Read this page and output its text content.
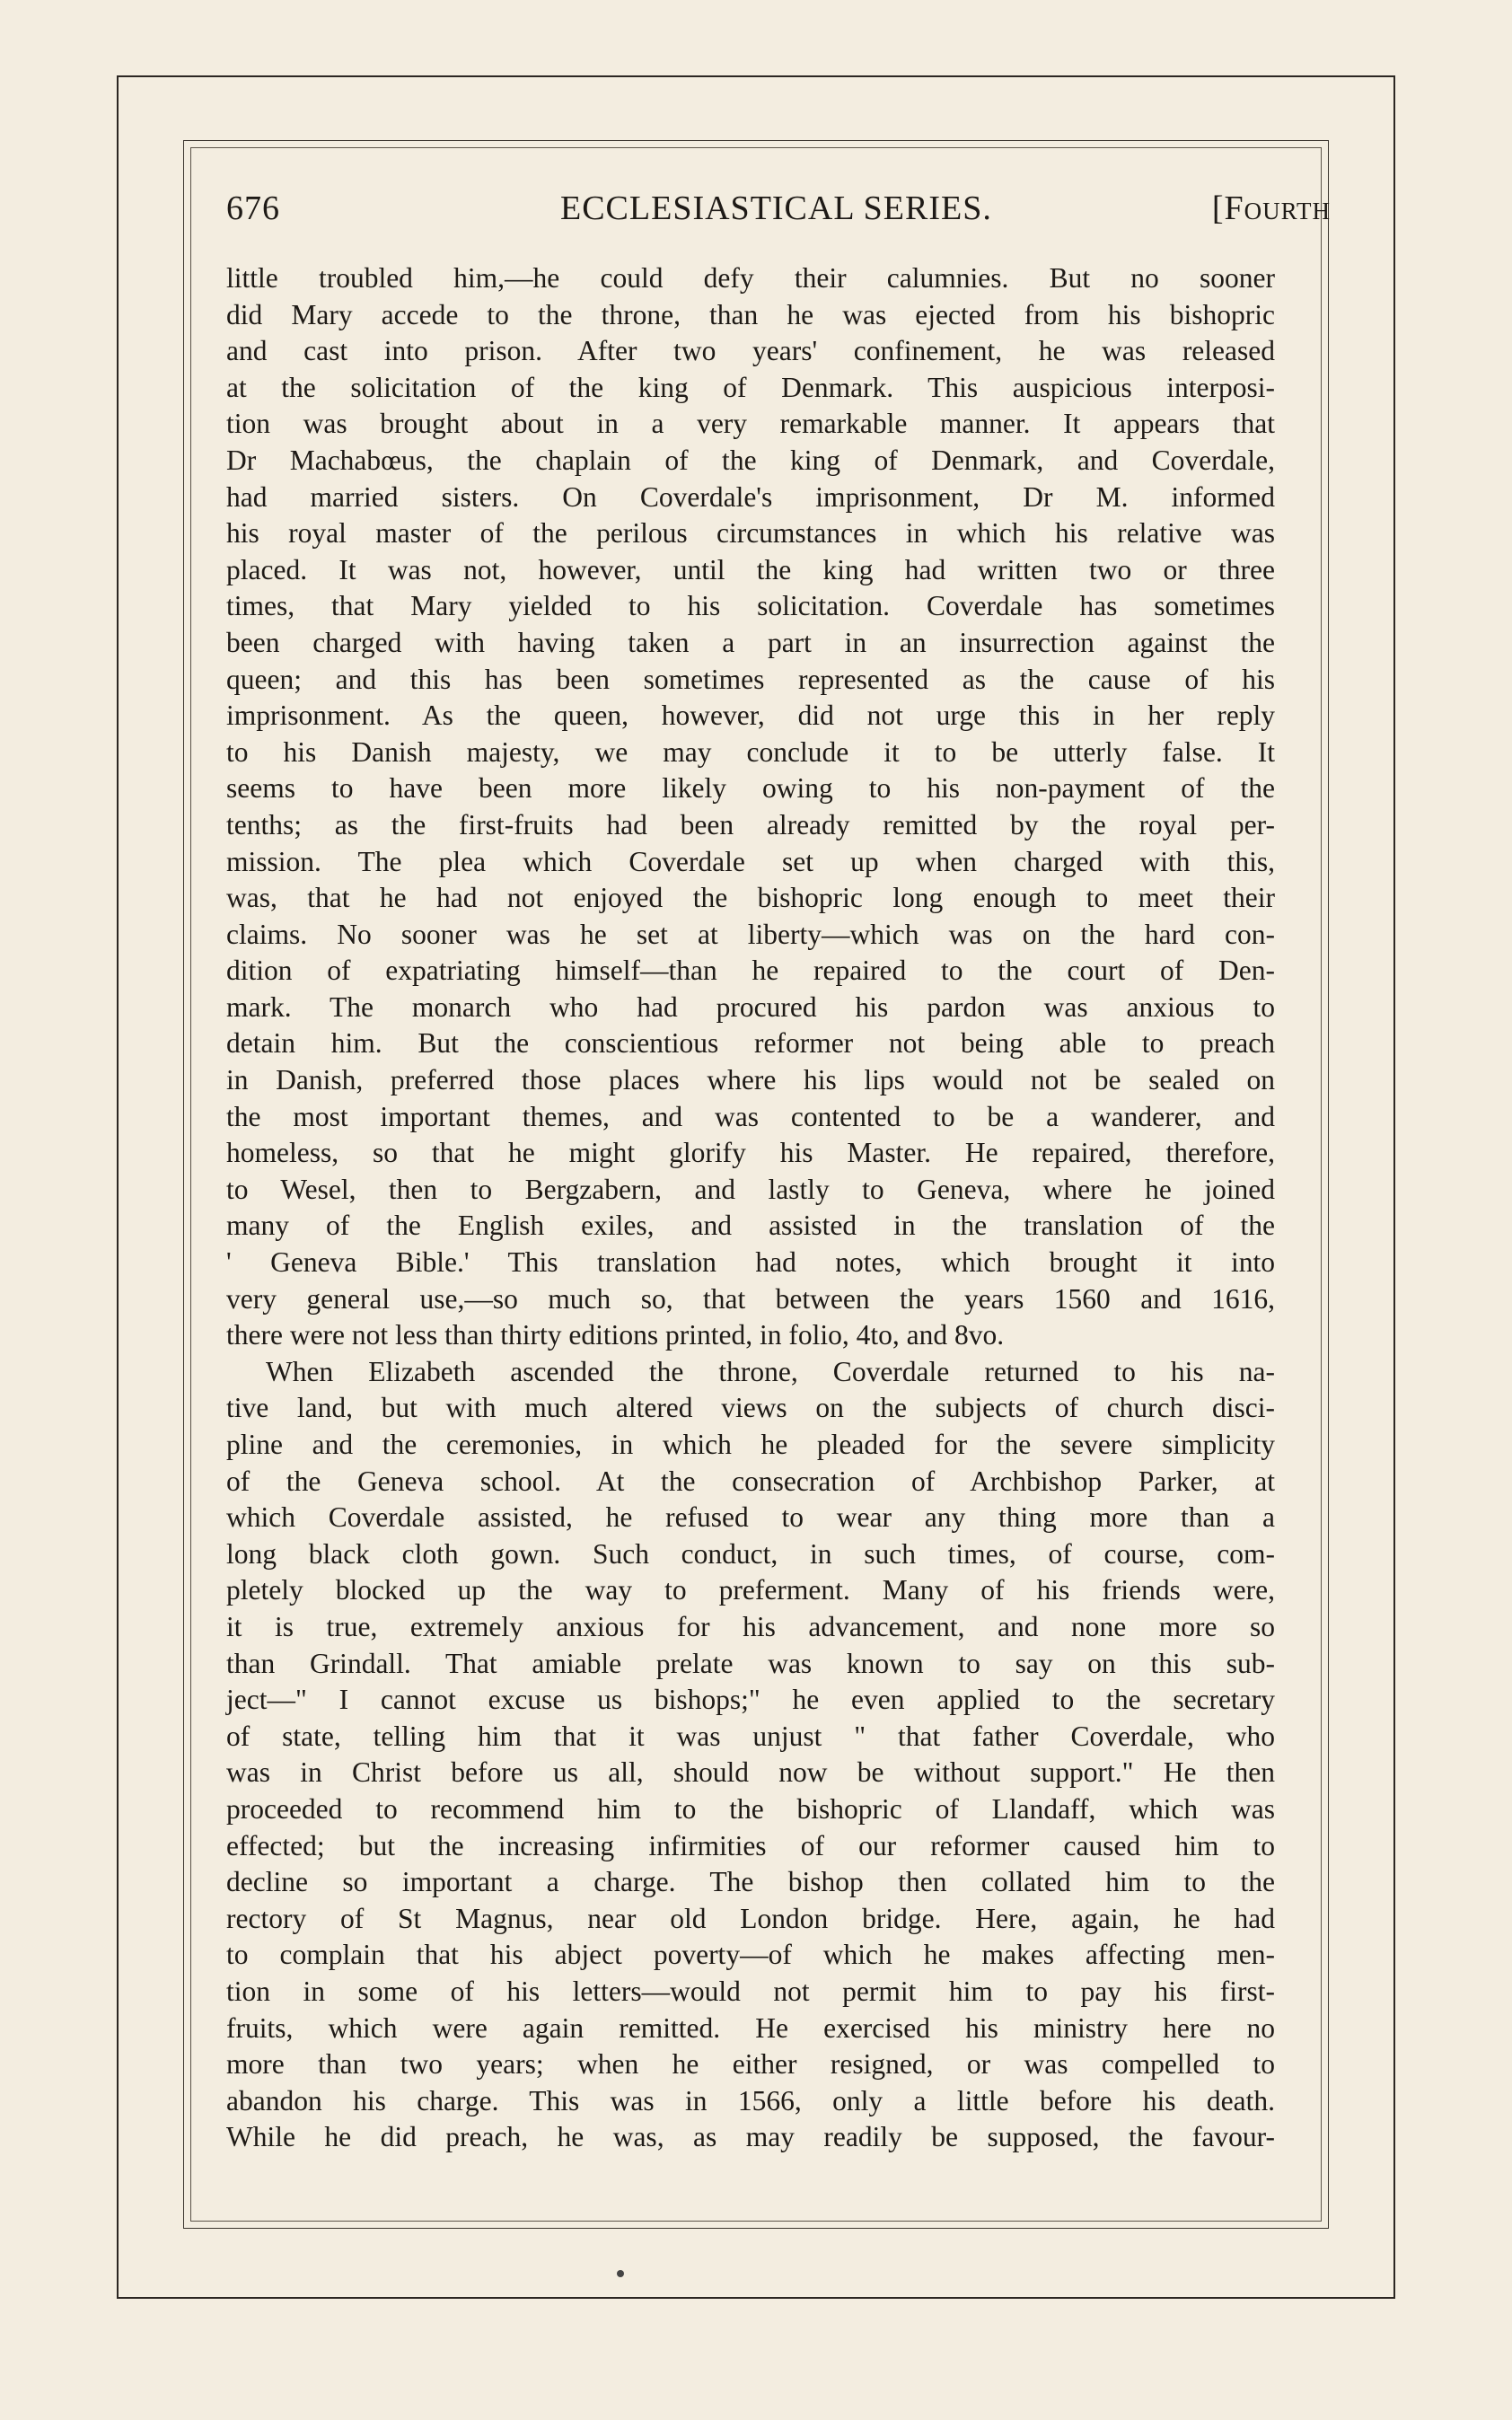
676	ECCLESIASTICAL SERIES.	[Fourth
little troubled him,—he could defy their calumnies. But no sooner
did Mary accede to the throne, than he was ejected from his bishopric
and cast into prison. After two years' confinement, he was released
at the solicitation of the king of Denmark. This auspicious interposi-
tion was brought about in a very remarkable manner. It appears that
Dr Machabœus, the chaplain of the king of Denmark, and Coverdale,
had married sisters. On Coverdale's imprisonment, Dr M. informed
his royal master of the perilous circumstances in which his relative was
placed. It was not, however, until the king had written two or three
times, that Mary yielded to his solicitation. Coverdale has sometimes
been charged with having taken a part in an insurrection against the
queen; and this has been sometimes represented as the cause of his
imprisonment. As the queen, however, did not urge this in her reply
to his Danish majesty, we may conclude it to be utterly false. It
seems to have been more likely owing to his non-payment of the
tenths; as the first-fruits had been already remitted by the royal per-
mission. The plea which Coverdale set up when charged with this,
was, that he had not enjoyed the bishopric long enough to meet their
claims. No sooner was he set at liberty—which was on the hard con-
dition of expatriating himself—than he repaired to the court of Den-
mark. The monarch who had procured his pardon was anxious to
detain him. But the conscientious reformer not being able to preach
in Danish, preferred those places where his lips would not be sealed on
the most important themes, and was contented to be a wanderer, and
homeless, so that he might glorify his Master. He repaired, therefore,
to Wesel, then to Bergzabern, and lastly to Geneva, where he joined
many of the English exiles, and assisted in the translation of the
' Geneva Bible.' This translation had notes, which brought it into
very general use,—so much so, that between the years 1560 and 1616,
there were not less than thirty editions printed, in folio, 4to, and 8vo.
When Elizabeth ascended the throne, Coverdale returned to his na-
tive land, but with much altered views on the subjects of church disci-
pline and the ceremonies, in which he pleaded for the severe simplicity
of the Geneva school. At the consecration of Archbishop Parker, at
which Coverdale assisted, he refused to wear any thing more than a
long black cloth gown. Such conduct, in such times, of course, com-
pletely blocked up the way to preferment. Many of his friends were,
it is true, extremely anxious for his advancement, and none more so
than Grindall. That amiable prelate was known to say on this sub-
ject—" I cannot excuse us bishops;" he even applied to the secretary
of state, telling him that it was unjust " that father Coverdale, who
was in Christ before us all, should now be without support." He then
proceeded to recommend him to the bishopric of Llandaff, which was
effected; but the increasing infirmities of our reformer caused him to
decline so important a charge. The bishop then collated him to the
rectory of St Magnus, near old London bridge. Here, again, he had
to complain that his abject poverty—of which he makes affecting men-
tion in some of his letters—would not permit him to pay his first-
fruits, which were again remitted. He exercised his ministry here no
more than two years; when he either resigned, or was compelled to
abandon his charge. This was in 1566, only a little before his death.
While he did preach, he was, as may readily be supposed, the favour-
